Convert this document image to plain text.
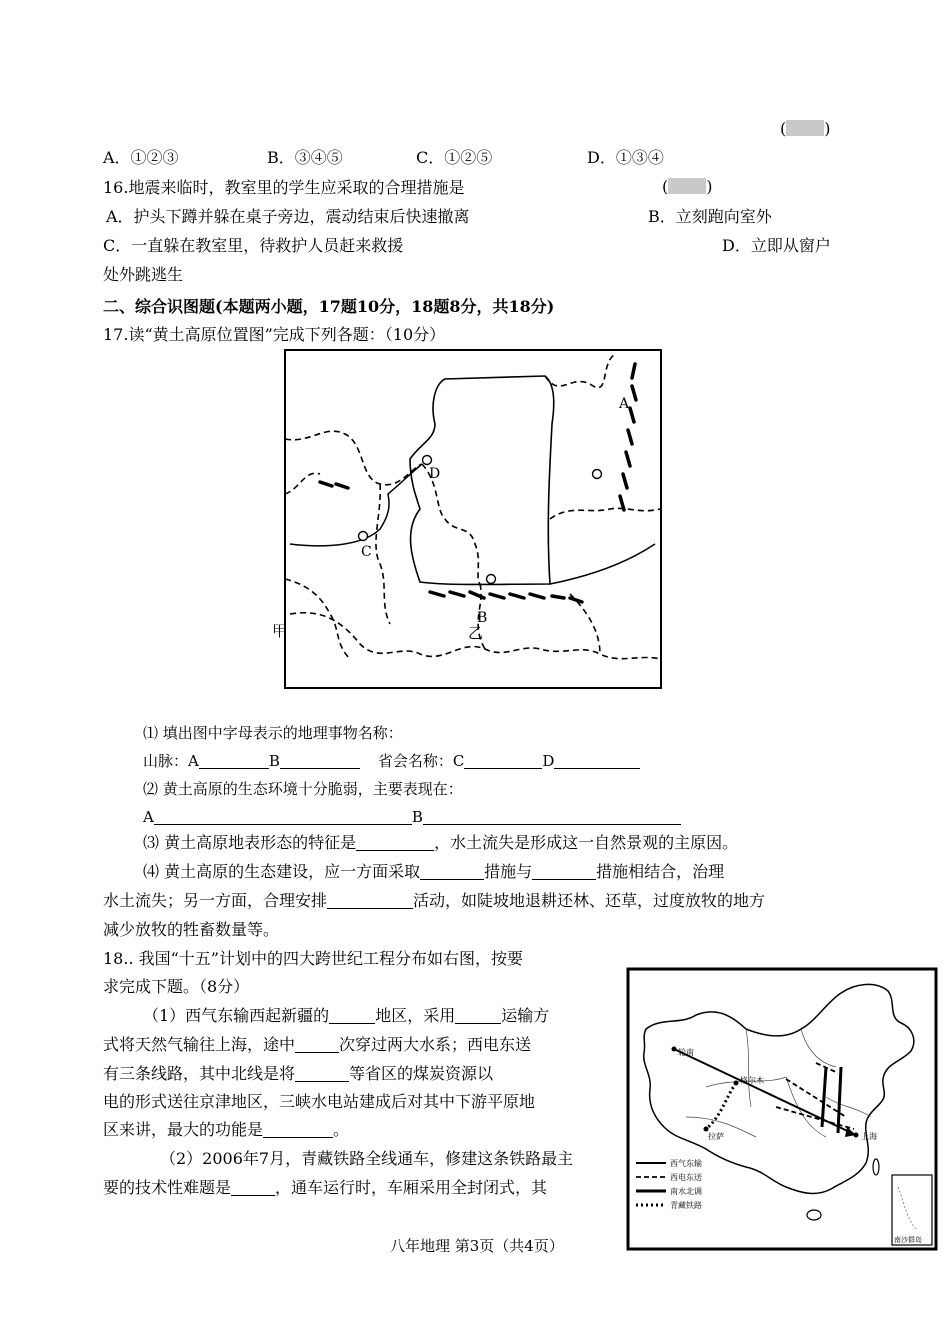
( )
A．①②③	B．③④⑤	C．①②⑤	D．①③④
16.地震来临时，教室里的学生应采取的合理措施是	( )
A．护头下蹲并躲在桌子旁边，震动结束后快速撤离	B．立刻跑向室外
C．一直躲在教室里，待救护人员赶来救援	D．立即从窗户
处外跳逃生
二、综合识图题(本题两小题，17题10分，18题8分，共18分)
17.读“黄土高原位置图”完成下列各题：（10分）
A
B
C
D
甲	乙
⑴ 填出图中字母表示的地理事物名称：
山脉：A	B	省会名称：C	D
⑵ 黄土高原的生态环境十分脆弱，主要表现在：
A	B
⑶ 黄土高原地表形态的特征是	，水土流失是形成这一自然景观的主原因。
⑷ 黄土高原的生态建设，应一方面采取	措施与	措施相结合，治理
水土流失；另一方面，合理安排	活动，如陡坡地退耕还林、还草，过度放牧的地方
减少放牧的牲畜数量等。
18.. 我国“十五”计划中的四大跨世纪工程分布如右图，按要
求完成下题。（8分）
（1）西气东输西起新疆的	地区，采用	运输方
式将天然气输往上海，途中	次穿过两大水系；西电东送
有三条线路，其中北线是将	等省区的煤炭资源以
电的形式送往京津地区，三峡水电站建成后对其中下游平原地
区来讲，最大的功能是	。
（2）2006年7月，青藏铁路全线通车，修建这条铁路最主
要的技术性难题是	，通车运行时，车厢采用全封闭式，其
轮南
上海
格尔木
拉萨
西气东输
西电东送
南水北调
青藏铁路
南沙群岛
八年地理 第3页（共4页）
